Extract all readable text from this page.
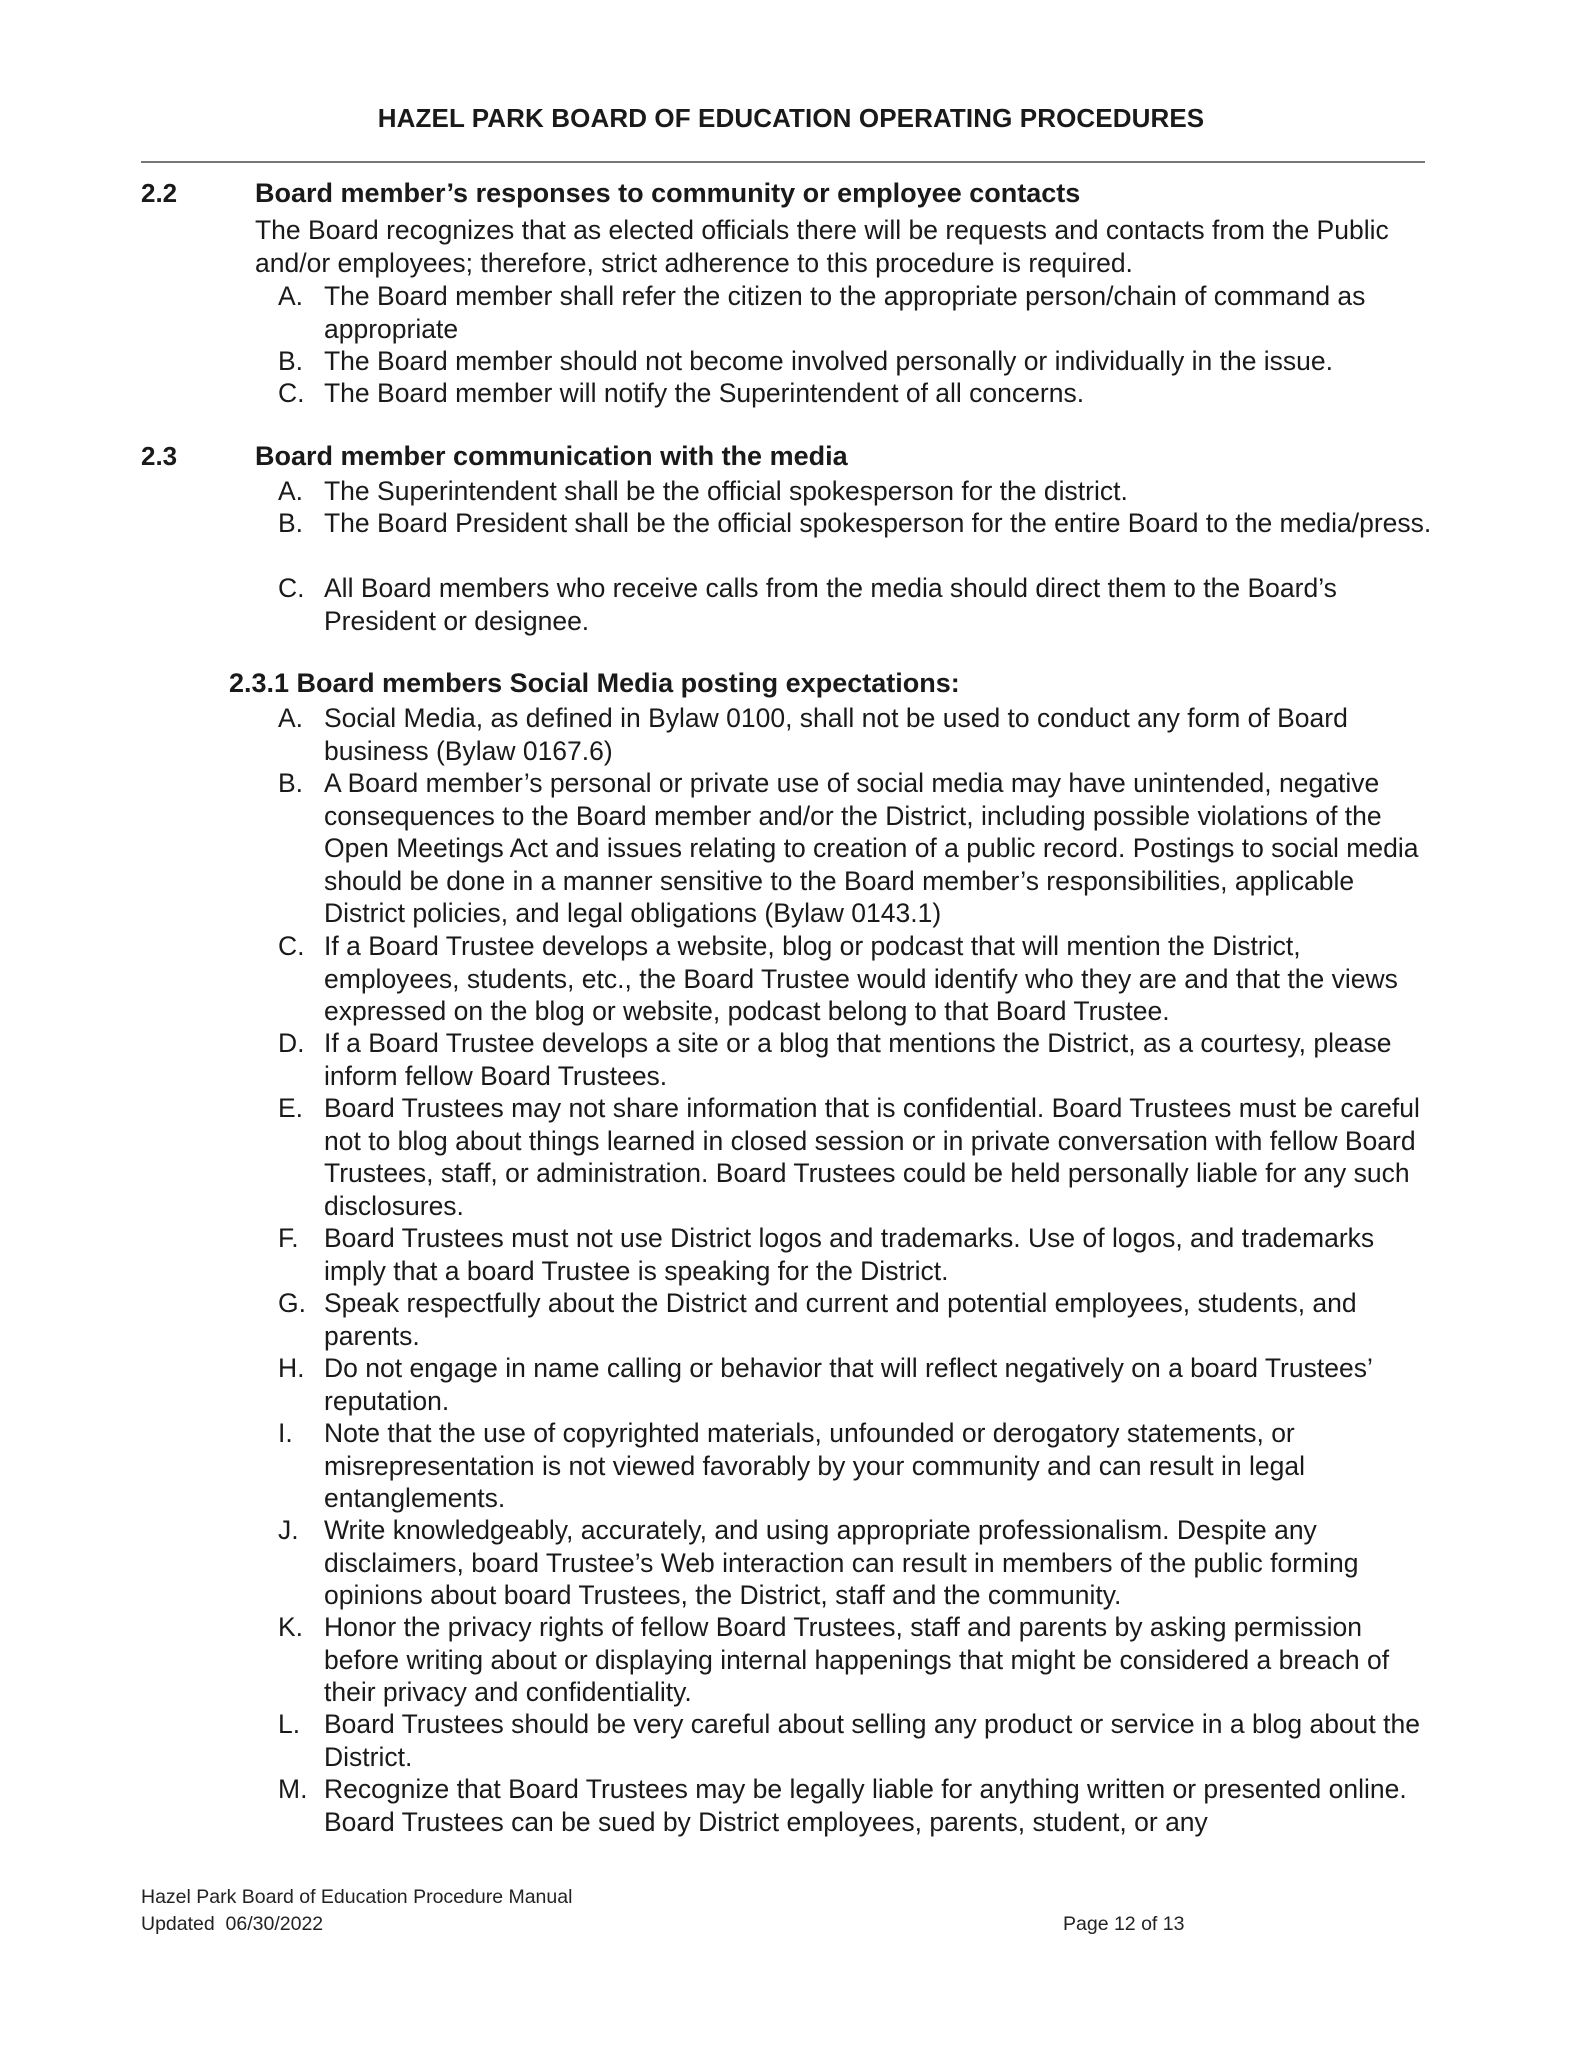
HAZEL PARK BOARD OF EDUCATION OPERATING PROCEDURES
2.2	Board member’s responses to community or employee contacts
The Board recognizes that as elected officials there will be requests and contacts from the Public and/or employees; therefore, strict adherence to this procedure is required.
A. The Board member shall refer the citizen to the appropriate person/chain of command as appropriate
B. The Board member should not become involved personally or individually in the issue.
C. The Board member will notify the Superintendent of all concerns.
2.3	Board member communication with the media
A. The Superintendent shall be the official spokesperson for the district.
B. The Board President shall be the official spokesperson for the entire Board to the media/press.
C. All Board members who receive calls from the media should direct them to the Board’s President or designee.
2.3.1 Board members Social Media posting expectations:
A. Social Media, as defined in Bylaw 0100, shall not be used to conduct any form of Board business (Bylaw 0167.6)
B. A Board member’s personal or private use of social media may have unintended, negative consequences to the Board member and/or the District, including possible violations of the Open Meetings Act and issues relating to creation of a public record. Postings to social media should be done in a manner sensitive to the Board member’s responsibilities, applicable District policies, and legal obligations (Bylaw 0143.1)
C. If a Board Trustee develops a website, blog or podcast that will mention the District, employees, students, etc., the Board Trustee would identify who they are and that the views expressed on the blog or website, podcast belong to that Board Trustee.
D. If a Board Trustee develops a site or a blog that mentions the District, as a courtesy, please inform fellow Board Trustees.
E. Board Trustees may not share information that is confidential. Board Trustees must be careful not to blog about things learned in closed session or in private conversation with fellow Board Trustees, staff, or administration. Board Trustees could be held personally liable for any such disclosures.
F. Board Trustees must not use District logos and trademarks. Use of logos, and trademarks imply that a board Trustee is speaking for the District.
G. Speak respectfully about the District and current and potential employees, students, and parents.
H. Do not engage in name calling or behavior that will reflect negatively on a board Trustees’ reputation.
I. Note that the use of copyrighted materials, unfounded or derogatory statements, or misrepresentation is not viewed favorably by your community and can result in legal entanglements.
J. Write knowledgeably, accurately, and using appropriate professionalism. Despite any disclaimers, board Trustee’s Web interaction can result in members of the public forming opinions about board Trustees, the District, staff and the community.
K. Honor the privacy rights of fellow Board Trustees, staff and parents by asking permission before writing about or displaying internal happenings that might be considered a breach of their privacy and confidentiality.
L. Board Trustees should be very careful about selling any product or service in a blog about the District.
M. Recognize that Board Trustees may be legally liable for anything written or presented online. Board Trustees can be sued by District employees, parents, student, or any
Hazel Park Board of Education Procedure Manual
Updated  06/30/2022	Page 12 of 13
